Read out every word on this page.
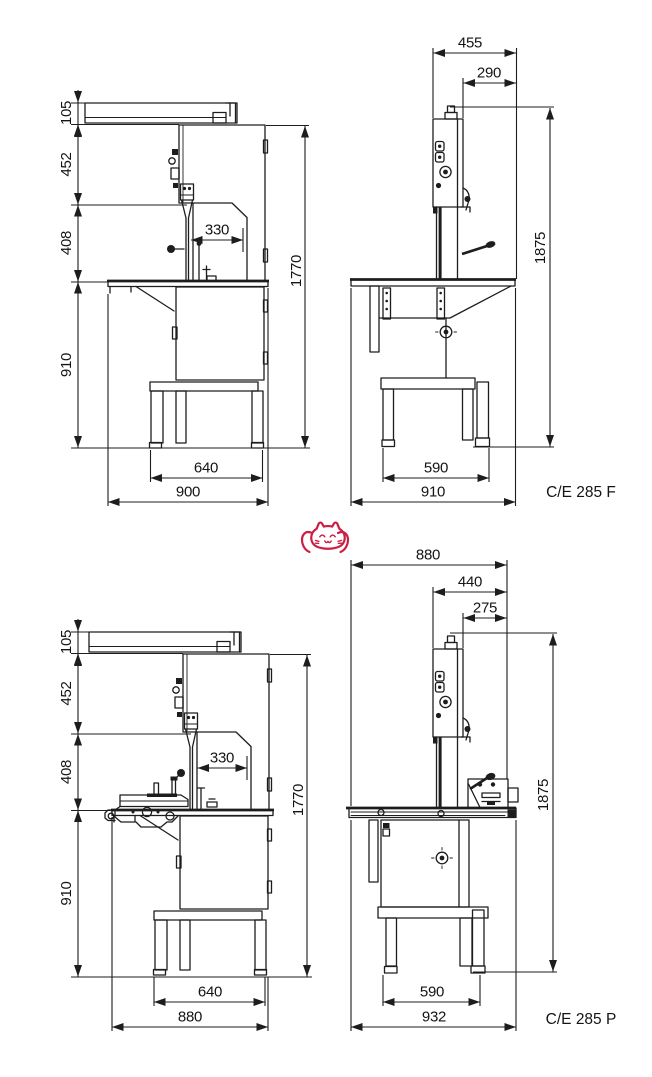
105
452
408
910
330
1770
640
900
455
290
1875
590
910	C/E 285 F
105
452
408
910
330
1770
640
880
880
440
275
1875
590
932	C/E 285 P
